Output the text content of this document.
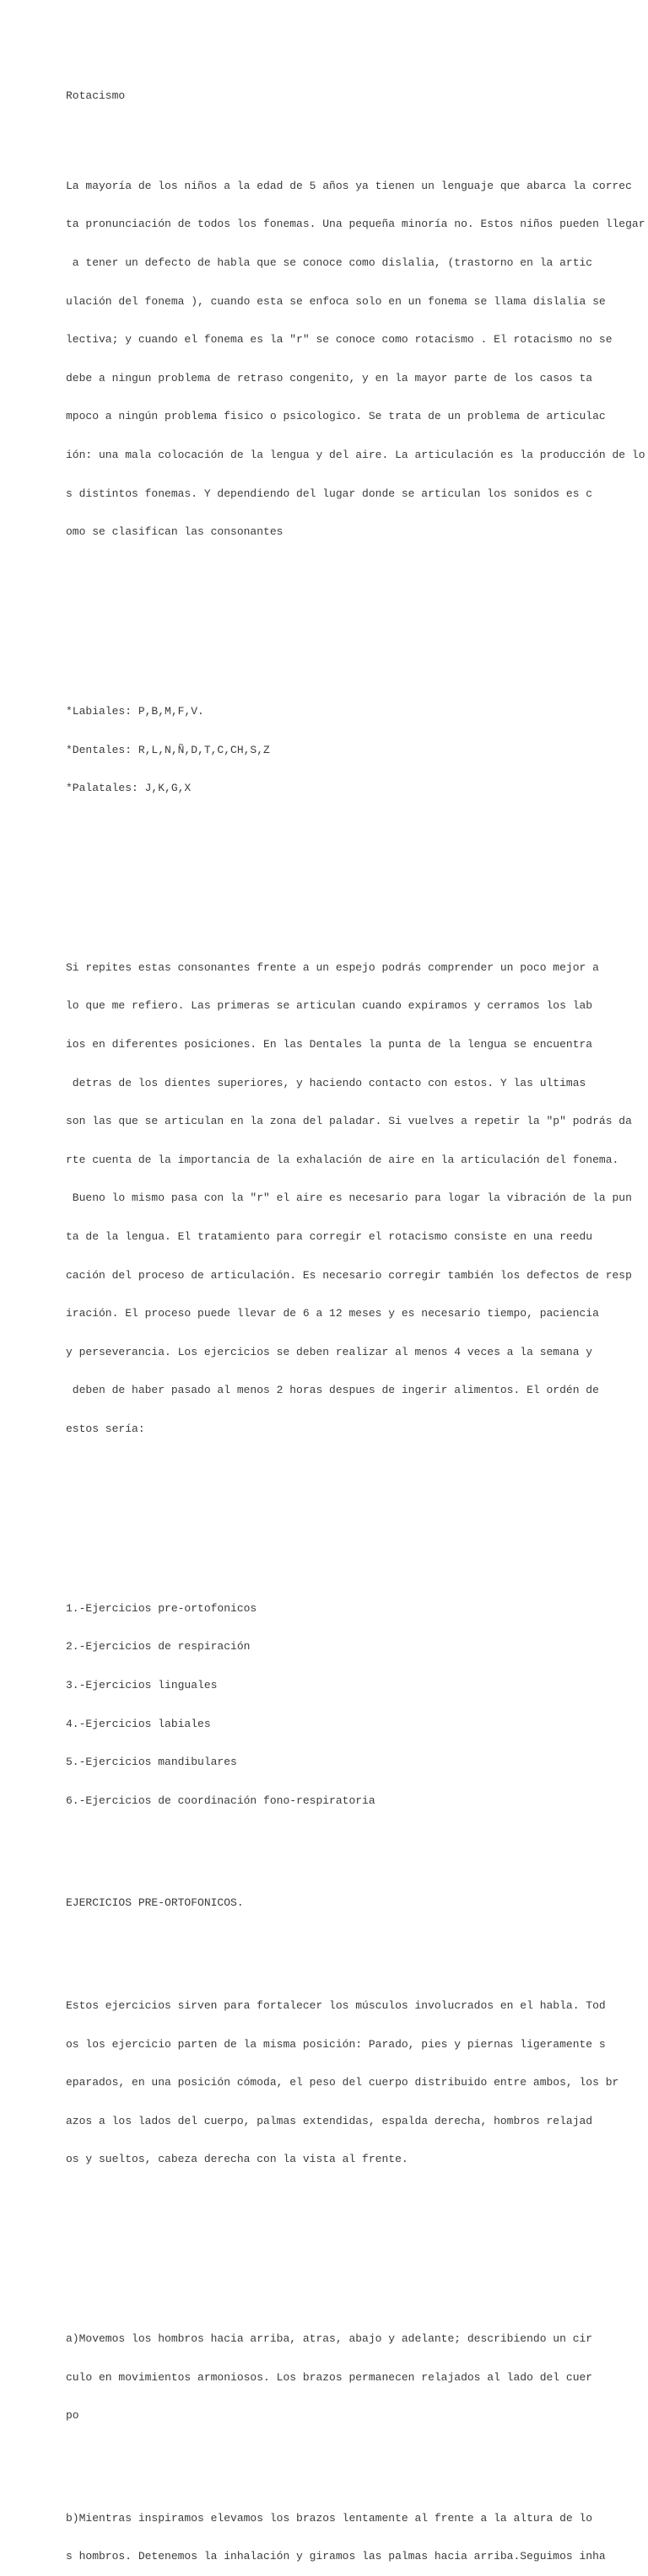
Rotacismo

La mayoría de los niños a la edad de 5 años ya tienen un lenguaje que abarca la correc

ta pronunciación de todos los fonemas. Una pequeña minoría no. Estos niños pueden llegar

a tener un defecto de habla que se conoce como dislalia, (trastorno en la artic

ulación del fonema ), cuando esta se enfoca solo en un fonema se llama dislalia se

lectiva; y cuando el fonema es la "r" se conoce como rotacismo . El rotacismo no se

debe a ningun problema de retraso congenito, y en la mayor parte de los casos ta

mpoco a ningún problema fisico o psicologico. Se trata de un problema de articulac

ión: una mala colocación de la lengua y del aire. La articulación es la producción de lo

s distintos fonemas. Y dependiendo del lugar donde se articulan los sonidos es c

omo se clasifican las consonantes

*Labiales: P,B,M,F,V.

*Dentales: R,L,N,Ñ,D,T,C,CH,S,Z

*Palatales: J,K,G,X

Si repites estas consonantes frente a un espejo podrás comprender un poco mejor a

lo que me refiero. Las primeras se articulan cuando expiramos y cerramos los lab

ios en diferentes posiciones. En las Dentales la punta de la lengua se encuentra

detras de los dientes superiores, y haciendo contacto con estos. Y las ultimas

son las que se articulan en la zona del paladar. Si vuelves a repetir la "p" podrás da

rte cuenta de la importancia de la exhalación de aire en la articulación del fonema.

Bueno lo mismo pasa con la "r" el aire es necesario para logar la vibración de la pun

ta de la lengua. El tratamiento para corregir el rotacismo consiste en una reedu

cación del proceso de articulación. Es necesario corregir también los defectos de resp

iración. El proceso puede llevar de 6 a 12 meses y es necesario tiempo, paciencia

y perseverancia. Los ejercicios se deben realizar al menos 4 veces a la semana y

deben de haber pasado al menos 2 horas despues de ingerir alimentos. El ordén de

estos sería:

1.-Ejercicios pre-ortofonicos

2.-Ejercicios de respiración

3.-Ejercicios linguales

4.-Ejercicios labiales

5.-Ejercicios mandibulares

6.-Ejercicios de coordinación fono-respiratoria

EJERCICIOS PRE-ORTOFONICOS.

Estos ejercicios sirven para fortalecer los músculos involucrados en el habla. Tod

os los ejercicio parten de la misma posición: Parado, pies y piernas ligeramente s

eparados, en una posición cómoda, el peso del cuerpo distribuido entre ambos, los br

azos a los lados del cuerpo, palmas extendidas, espalda derecha, hombros relajad

os y sueltos, cabeza derecha con la vista al frente.

a)Movemos los hombros hacia arriba, atras, abajo y adelante; describiendo un cir

culo en movimientos armoniosos. Los brazos permanecen relajados al lado del cuer

po

b)Mientras inspiramos elevamos los brazos lentamente al frente a la altura de lo

s hombros. Detenemos la inhalación y giramos las palmas hacia arriba.Seguimos inha
